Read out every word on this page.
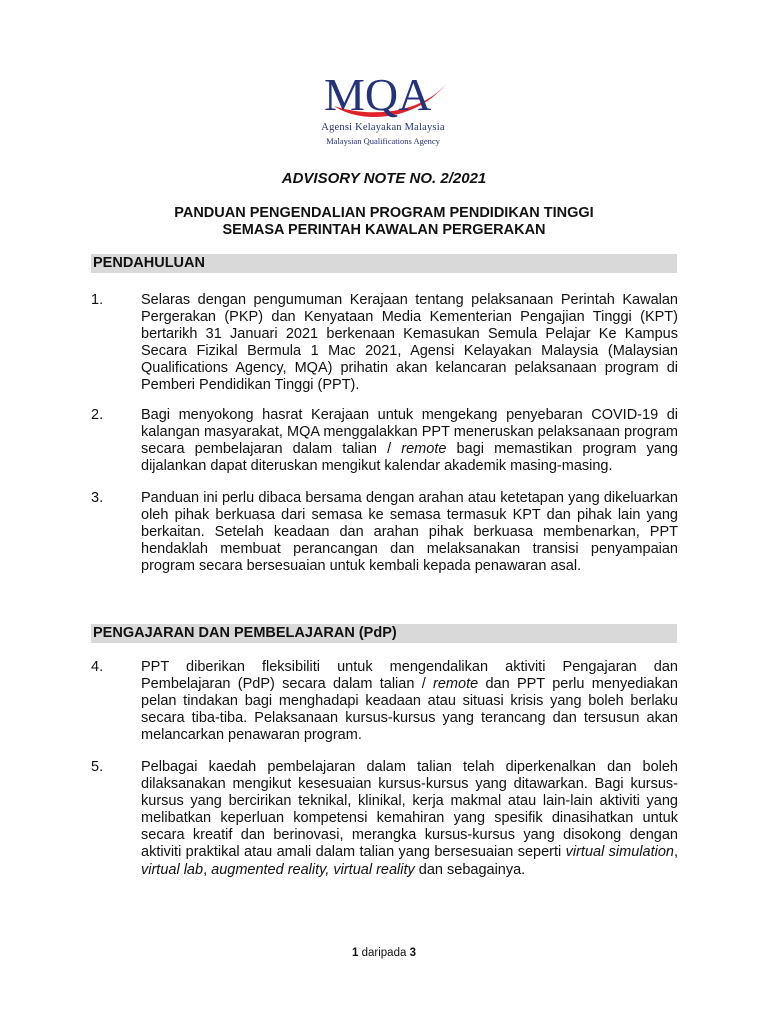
MQA
Agensi Kelayakan Malaysia
Malaysian Qualifications Agency
ADVISORY NOTE NO. 2/2021
PANDUAN PENGENDALIAN PROGRAM PENDIDIKAN TINGGI
SEMASA PERINTAH KAWALAN PERGERAKAN
PENDAHULUAN
1.	Selaras dengan pengumuman Kerajaan tentang pelaksanaan Perintah Kawalan Pergerakan (PKP) dan Kenyataan Media Kementerian Pengajian Tinggi (KPT) bertarikh 31 Januari 2021 berkenaan Kemasukan Semula Pelajar Ke Kampus Secara Fizikal Bermula 1 Mac 2021, Agensi Kelayakan Malaysia (Malaysian Qualifications Agency, MQA) prihatin akan kelancaran pelaksanaan program di Pemberi Pendidikan Tinggi (PPT).
2.	Bagi menyokong hasrat Kerajaan untuk mengekang penyebaran COVID-19 di kalangan masyarakat, MQA menggalakkan PPT meneruskan pelaksanaan program secara pembelajaran dalam talian / remote bagi memastikan program yang dijalankan dapat diteruskan mengikut kalendar akademik masing-masing.
3.	Panduan ini perlu dibaca bersama dengan arahan atau ketetapan yang dikeluarkan oleh pihak berkuasa dari semasa ke semasa termasuk KPT dan pihak lain yang berkaitan. Setelah keadaan dan arahan pihak berkuasa membenarkan, PPT hendaklah membuat perancangan dan melaksanakan transisi penyampaian program secara bersesuaian untuk kembali kepada penawaran asal.
PENGAJARAN DAN PEMBELAJARAN (PdP)
4.	PPT diberikan fleksibiliti untuk mengendalikan aktiviti Pengajaran dan Pembelajaran (PdP) secara dalam talian / remote dan PPT perlu menyediakan pelan tindakan bagi menghadapi keadaan atau situasi krisis yang boleh berlaku secara tiba-tiba. Pelaksanaan kursus-kursus yang terancang dan tersusun akan melancarkan penawaran program.
5.	Pelbagai kaedah pembelajaran dalam talian telah diperkenalkan dan boleh dilaksanakan mengikut kesesuaian kursus-kursus yang ditawarkan. Bagi kursus-kursus yang bercirikan teknikal, klinikal, kerja makmal atau lain-lain aktiviti yang melibatkan keperluan kompetensi kemahiran yang spesifik dinasihatkan untuk secara kreatif dan berinovasi, merangka kursus-kursus yang disokong dengan aktiviti praktikal atau amali dalam talian yang bersesuaian seperti virtual simulation, virtual lab, augmented reality, virtual reality dan sebagainya.
1 daripada 3
